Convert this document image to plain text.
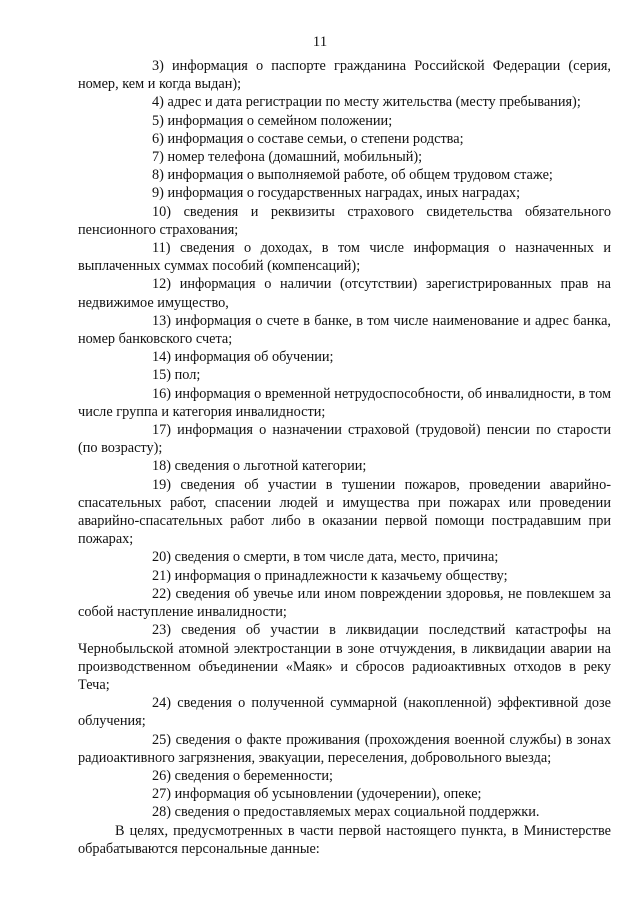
11

3) информация о паспорте гражданина Российской Федерации (серия, номер, кем и когда выдан);

4) адрес и дата регистрации по месту жительства (месту пребывания);

5) информация о семейном положении;

6) информация о составе семьи, о степени родства;

7) номер телефона (домашний, мобильный);

8) информация о выполняемой работе, об общем трудовом стаже;

9) информация о государственных наградах, иных наградах;

10) сведения и реквизиты страхового свидетельства обязательного пенсионного страхования;

11) сведения о доходах, в том числе информация о назначенных и выплаченных суммах пособий (компенсаций);

12) информация о наличии (отсутствии) зарегистрированных прав на недвижимое имущество,

13) информация о счете в банке, в том числе наименование и адрес банка, номер банковского счета;

14) информация об обучении;

15) пол;

16) информация о временной нетрудоспособности, об инвалидности, в том числе группа и категория инвалидности;

17) информация о назначении страховой (трудовой) пенсии по старости (по возрасту);

18) сведения о льготной категории;

19) сведения об участии в тушении пожаров, проведении аварийно-спасательных работ, спасении людей и имущества при пожарах или проведении аварийно-спасательных работ либо в оказании первой помощи пострадавшим при пожарах;

20) сведения о смерти, в том числе дата, место, причина;

21) информация о принадлежности к казачьему обществу;

22) сведения об увечье или ином повреждении здоровья, не повлекшем за собой наступление инвалидности;

23) сведения об участии в ликвидации последствий катастрофы на Чернобыльской атомной электростанции в зоне отчуждения, в ликвидации аварии на производственном объединении «Маяк» и сбросов радиоактивных отходов в реку Теча;

24) сведения о полученной суммарной (накопленной) эффективной дозе облучения;

25) сведения о факте проживания (прохождения военной службы) в зонах радиоактивного загрязнения, эвакуации, переселения, добровольного выезда;

26) сведения о беременности;

27) информация об усыновлении (удочерении), опеке;

28) сведения о предоставляемых мерах социальной поддержки.

В целях, предусмотренных в части первой настоящего пункта, в Министерстве обрабатываются персональные данные:
